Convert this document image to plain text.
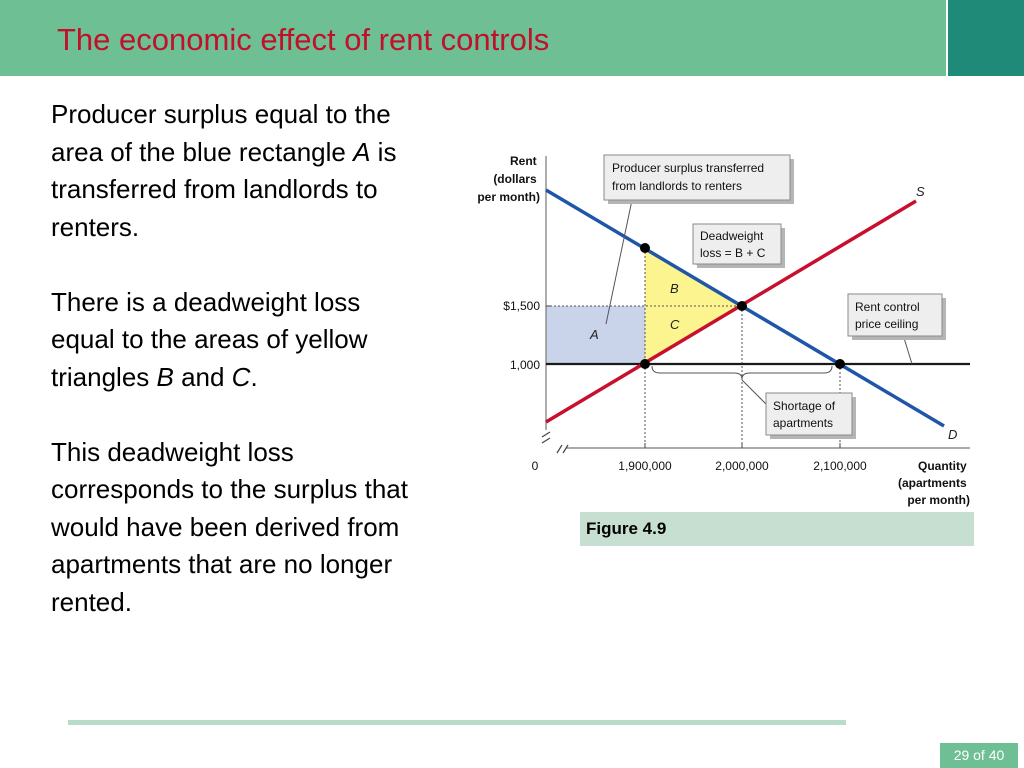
The economic effect of rent controls

Producer surplus equal to the area of the blue rectangle A is transferred from landlords to renters.

There is a deadweight loss equal to the areas of yellow triangles B and C.

This deadweight loss corresponds to the surplus that would have been derived from apartments that are no longer rented.

A
B
C
S
D
Rent (dollars per month)
$1,500
1,000
0	1,900,000	2,000,000	2,100,000	Quantity (apartments per month)
Producer surplus transferred from landlords to renters
Deadweight loss = B + C
Rent control price ceiling
Shortage of apartments
Figure 4.9
29 of 40
